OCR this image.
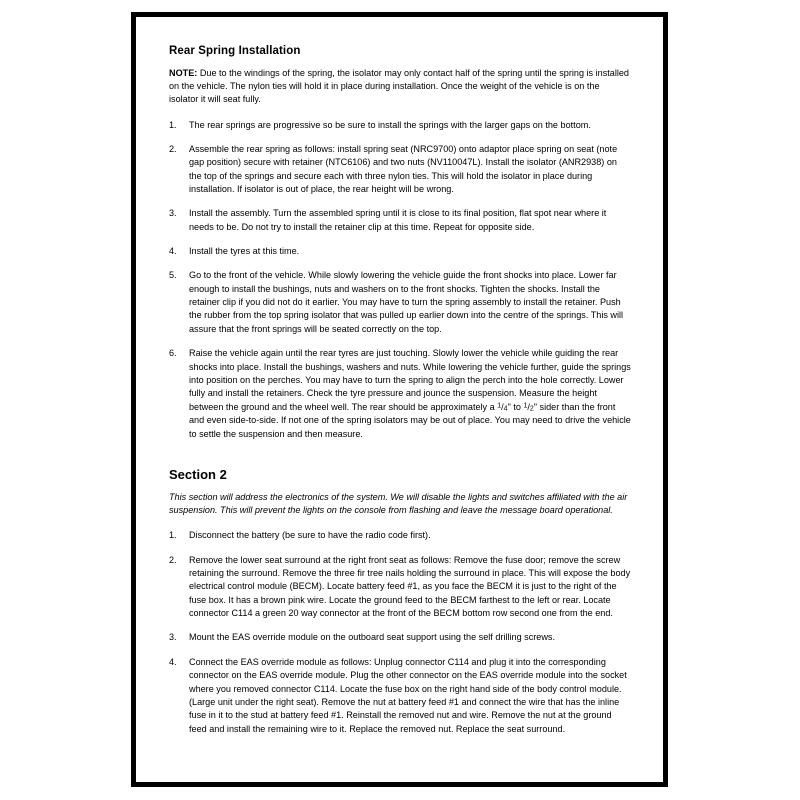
Rear Spring Installation

NOTE: Due to the windings of the spring, the isolator may only contact half of the spring until the spring is installed on the vehicle. The nylon ties will hold it in place during installation. Once the weight of the vehicle is on the isolator it will seat fully.

1.	The rear springs are progressive so be sure to install the springs with the larger gaps on the bottom.
2.	Assemble the rear spring as follows: install spring seat (NRC9700) onto adaptor place spring on seat (note gap position) secure with retainer (NTC6106) and two nuts (NV110047L). Install the isolator (ANR2938) on the top of the springs and secure each with three nylon ties. This will hold the isolator in place during installation. If isolator is out of place, the rear height will be wrong.
3.	Install the assembly. Turn the assembled spring until it is close to its final position, flat spot near where it needs to be. Do not try to install the retainer clip at this time. Repeat for opposite side.
4.	Install the tyres at this time.
5.	Go to the front of the vehicle. While slowly lowering the vehicle guide the front shocks into place. Lower far enough to install the bushings, nuts and washers on to the front shocks. Tighten the shocks. Install the retainer clip if you did not do it earlier. You may have to turn the spring assembly to install the retainer. Push the rubber from the top spring isolator that was pulled up earlier down into the centre of the springs. This will assure that the front springs will be seated correctly on the top.
6.	Raise the vehicle again until the rear tyres are just touching. Slowly lower the vehicle while guiding the rear shocks into place. Install the bushings, washers and nuts. While lowering the vehicle further, guide the springs into position on the perches. You may have to turn the spring to align the perch into the hole correctly. Lower fully and install the retainers. Check the tyre pressure and jounce the suspension. Measure the height between the ground and the wheel well. The rear should be approximately a $^1/_4$" to $^1/_2$" sider than the front and even side-to-side. If not one of the spring isolators may be out of place. You may need to drive the vehicle to settle the suspension and then measure.
Section 2

This section will address the electronics of the system. We will disable the lights and switches affiliated with the air suspension. This will prevent the lights on the console from flashing and leave the message board operational.

1.	Disconnect the battery (be sure to have the radio code first).
2.	Remove the lower seat surround at the right front seat as follows: Remove the fuse door; remove the screw retaining the surround. Remove the three fir tree nails holding the surround in place. This will expose the body electrical control module (BECM). Locate battery feed #1, as you face the BECM it is just to the right of the fuse box. It has a brown pink wire. Locate the ground feed to the BECM farthest to the left or rear. Locate connector C114 a green 20 way connector at the front of the BECM bottom row second one from the end.
3.	Mount the EAS override module on the outboard seat support using the self drilling screws.
4.	Connect the EAS override module as follows: Unplug connector C114 and plug it into the corresponding connector on the EAS override module. Plug the other connector on the EAS override module into the socket where you removed connector C114. Locate the fuse box on the right hand side of the body control module. (Large unit under the right seat). Remove the nut at battery feed #1 and connect the wire that has the inline fuse in it to the stud at battery feed #1. Reinstall the removed nut and wire. Remove the nut at the ground feed and install the remaining wire to it. Replace the removed nut. Replace the seat surround.
